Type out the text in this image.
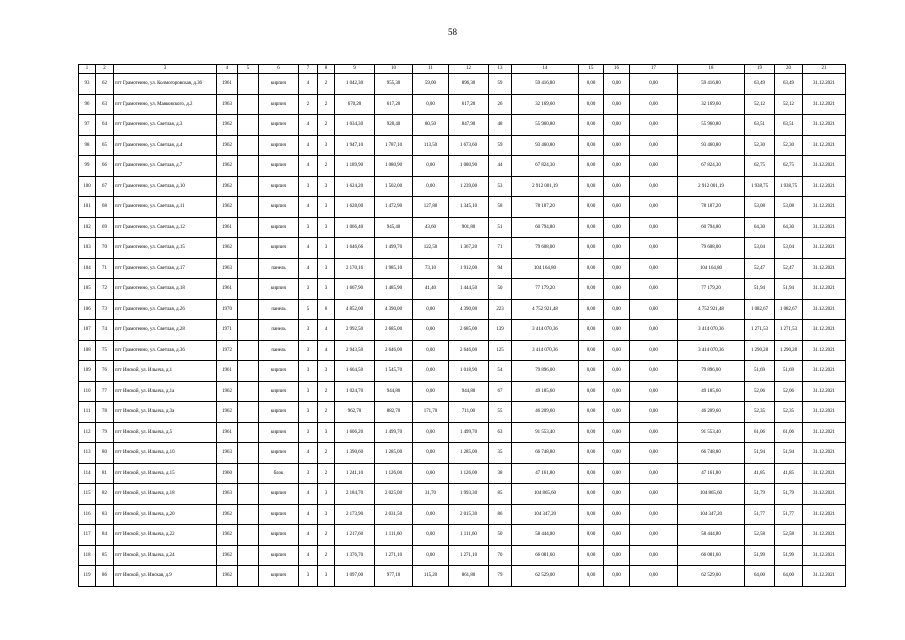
58
1	2	3	4	5	6	7	8	9	10	11	12	13	14	15	16	17	18	19	20	21
93	62	пгт Грамотеино, ул. Колмогоровская, д.36	1961		кирпич	4	2	1 042,30	955,30	59,00	896,30	59	59 416,80	0,00	0,00	0,00	59 416,80	63,49	63,49	31.12.2021
96	63	пгт Грамотеино, ул. Маяковского, д.2	1963		кирпич	2	2	670,20	617,20	0,00	617,20	26	32 169,60	0,00	0,00	0,00	32 169,60	52,12	52,12	31.12.2021
97	64	пгт Грамотеино, ул. Светлая, д.3	1962		кирпич	4	2	1 034,30	928,40	80,50	847,90	48	55 960,80	0,00	0,00	0,00	55 960,80	63,51	63,51	31.12.2021
98	65	пгт Грамотеино, ул. Светлая, д.4	1962		кирпич	4	3	1 947,10	1 787,10	113,50	1 673,60	59	93 460,80	0,00	0,00	0,00	93 460,80	52,30	52,30	31.12.2021
99	66	пгт Грамотеино, ул. Светлая, д.7	1962		кирпич	4	2	1 189,90	1 080,90	0,00	1 080,90	44	67 824,30	0,00	0,00	0,00	67 824,30	62,75	62,75	31.12.2021
100	67	пгт Грамотеино, ул. Светлая, д.10	1962		кирпич	3	3	1 624,20	1 502,00	0,00	1 239,00	53	2 912 001,19	0,00	0,00	0,00	2 912 001,19	1 938,75	1 938,75	31.12.2021
101	68	пгт Грамотеино, ул. Светлая, д.11	1962		кирпич	4	3	1 628,00	1 472,90	127,80	1 345,10	58	78 187,20	0,00	0,00	0,00	78 187,20	53,08	53,08	31.12.2021
102	69	пгт Грамотеино, ул. Светлая, д.12	1961		кирпич	3	3	1 066,40	945,40	43,60	901,80	51	60 794,80	0,00	0,00	0,00	60 794,80	64,30	64,30	31.12.2021
103	70	пгт Грамотеино, ул. Светлая, д.15	1962		кирпич	4	3	1 646,66	1 499,70	122,50	1 367,20	71	79 608,00	0,00	0,00	0,00	79 608,00	53,04	53,04	31.12.2021
104	71	пгт Грамотеино, ул. Светлая, д.17	1963		панель	4	3	2 170,16	1 985,10	73,10	1 912,00	94	104 164,80	0,00	0,00	0,00	104 164,80	52,47	52,47	31.12.2021
105	72	пгт Грамотеино, ул. Светлая, д.18	1961		кирпич	3	3	1 667,90	1 485,90	41,40	1 444,50	50	77 179,20	0,00	0,00	0,00	77 179,20	51,94	51,94	31.12.2021
106	73	пгт Грамотеино, ул. Светлая, д.26	1970		панель	5	6	4 852,00	4 390,00	0,00	4 390,00	223	4 752 921,48	0,00	0,00	0,00	4 752 921,48	1 082,67	1 082,67	31.12.2021
107	74	пгт Грамотеино, ул. Светлая, д.28	1971		панель	3	4	2 992,50	2 685,00	0,00	2 685,00	139	3 414 070,36	0,00	0,00	0,00	3 414 070,36	1 271,53	1 271,53	31.12.2021
108	75	пгт Грамотеино, ул. Светлая, д.36	1972		панель	3	4	2 943,50	2 646,00	0,00	2 646,00	125	3 414 070,36	0,00	0,00	0,00	3 414 070,36	1 290,28	1 290,28	31.12.2021
109	76	пгт Инской, ул. Ильича, д.1	1961		кирпич	3	3	1 664,50	1 545,70	0,00	1 018,90	54	79 896,00	0,00	0,00	0,00	79 896,00	51,69	51,69	31.12.2021
110	77	пгт Инской, ул. Ильича, д.1а	1962		кирпич	3	2	1 024,70	944,80	0,00	944,80	67	49 185,60	0,00	0,00	0,00	49 185,60	52,06	52,06	31.12.2021
111	78	пгт Инской, ул. Ильича, д.3а	1962		кирпич	3	2	962,70	882,70	171,70	711,00	55	46 209,60	0,00	0,00	0,00	46 209,60	52,35	52,35	31.12.2021
112	79	пгт Инской, ул. Ильича, д.5	1961		кирпич	3	3	1 606,20	1 499,70	0,00	1 499,70	63	91 553,40	0,00	0,00	0,00	91 553,40	61,06	61,06	31.12.2021
113	80	пгт Инской, ул. Ильича, д.10	1963		кирпич	4	2	1 390,60	1 285,00	0,00	1 285,00	35	66 748,80	0,00	0,00	0,00	66 748,80	51,94	51,94	31.12.2021
114	81	пгт Инской, ул. Ильича, д.15	1960		блок	3	2	1 241,10	1 126,00	0,00	1 126,00	38	47 161,80	0,00	0,00	0,00	47 161,80	41,85	41,85	31.12.2021
115	82	пгт Инской, ул. Ильича, д.18	1963		кирпич	4	3	2 184,70	2 025,00	31,70	1 993,30	85	104 865,60	0,00	0,00	0,00	104 865,60	51,79	51,79	31.12.2021
116	83	пгт Инской, ул. Ильича, д.20	1962		кирпич	4	3	2 173,90	2 031,50	0,00	2 015,30	86	104 347,20	0,00	0,00	0,00	104 347,20	51,77	51,77	31.12.2021
117	84	пгт Инской, ул. Ильича, д.22	1962		кирпич	4	2	1 217,60	1 111,60	0,00	1 111,60	50	58 444,80	0,00	0,00	0,00	58 444,80	52,58	52,58	31.12.2021
118	85	пгт Инской, ул. Ильича, д.24	1962		кирпич	4	2	1 376,70	1 271,10	0,00	1 271,10	70	66 081,60	0,00	0,00	0,00	66 081,60	51,99	51,99	31.12.2021
119	86	пгт Инской, ул. Инская, д.9	1962		кирпич	3	3	1 097,00	977,10	115,20	861,80	79	62 529,00	0,00	0,00	0,00	62 529,00	64,00	64,00	31.12.2021
